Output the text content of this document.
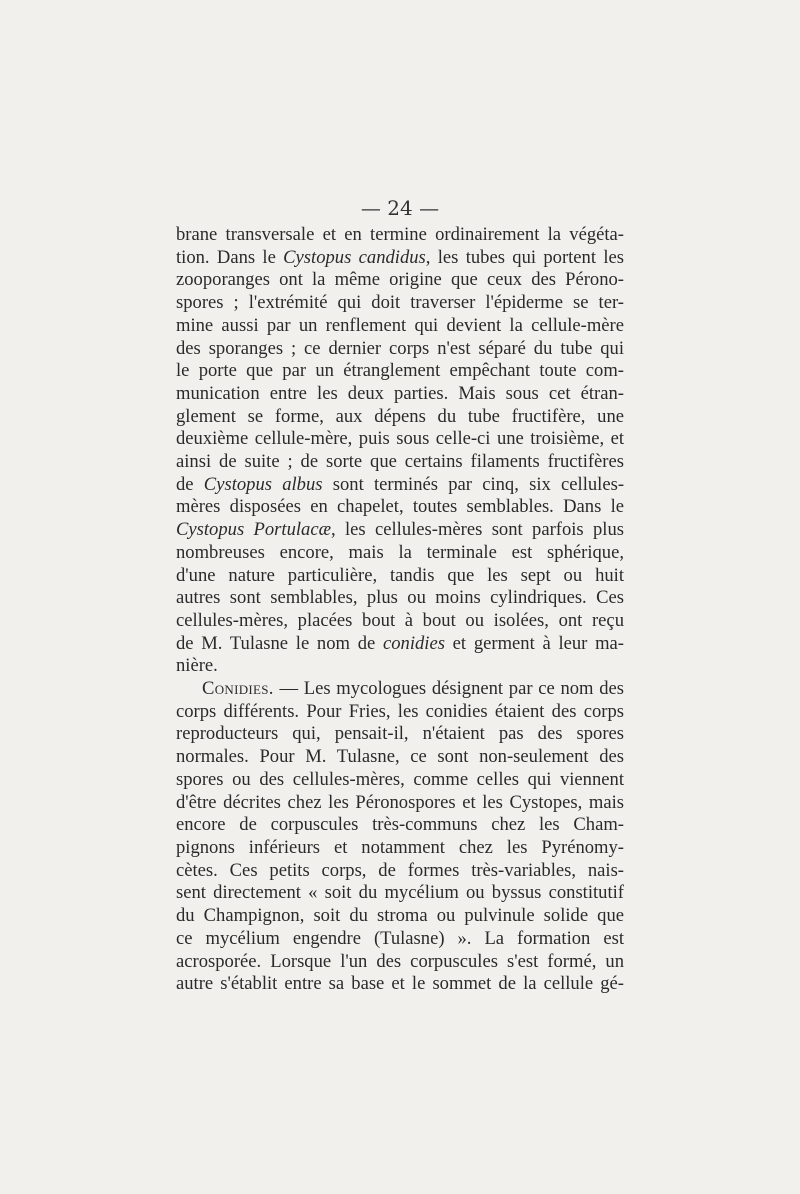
— 24 —
brane transversale et en termine ordinairement la végéta-
tion. Dans le Cystopus candidus, les tubes qui portent les
zooporanges ont la même origine que ceux des Pérono-
spores ; l'extrémité qui doit traverser l'épiderme se ter-
mine aussi par un renflement qui devient la cellule-mère
des sporanges ; ce dernier corps n'est séparé du tube qui
le porte que par un étranglement empêchant toute com-
munication entre les deux parties. Mais sous cet étran-
glement se forme, aux dépens du tube fructifère, une
deuxième cellule-mère, puis sous celle-ci une troisième, et
ainsi de suite ; de sorte que certains filaments fructifères
de Cystopus albus sont terminés par cinq, six cellules-
mères disposées en chapelet, toutes semblables. Dans le
Cystopus Portulacæ, les cellules-mères sont parfois plus
nombreuses encore, mais la terminale est sphérique,
d'une nature particulière, tandis que les sept ou huit
autres sont semblables, plus ou moins cylindriques. Ces
cellules-mères, placées bout à bout ou isolées, ont reçu
de M. Tulasne le nom de conidies et germent à leur ma-
nière.
Conidies. — Les mycologues désignent par ce nom des
corps différents. Pour Fries, les conidies étaient des corps
reproducteurs qui, pensait-il, n'étaient pas des spores
normales. Pour M. Tulasne, ce sont non-seulement des
spores ou des cellules-mères, comme celles qui viennent
d'être décrites chez les Péronospores et les Cystopes, mais
encore de corpuscules très-communs chez les Cham-
pignons inférieurs et notamment chez les Pyrénomy-
cètes. Ces petits corps, de formes très-variables, nais-
sent directement « soit du mycélium ou byssus constitutif
du Champignon, soit du stroma ou pulvinule solide que
ce mycélium engendre (Tulasne) ». La formation est
acrosporée. Lorsque l'un des corpuscules s'est formé, un
autre s'établit entre sa base et le sommet de la cellule gé-
